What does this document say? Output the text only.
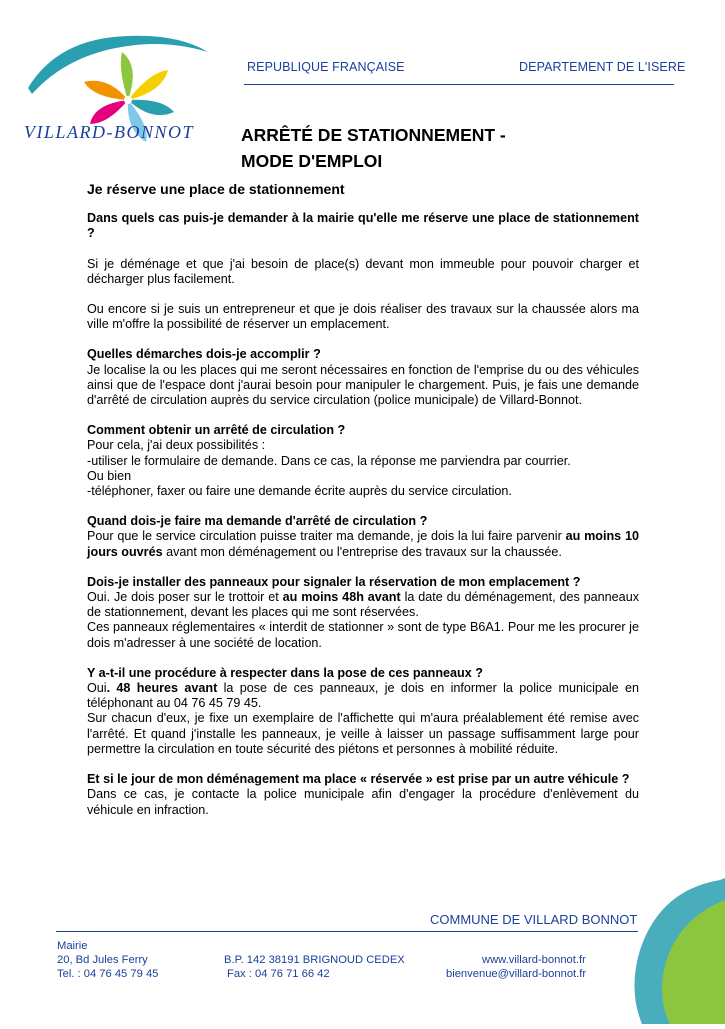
VILLARD-BONNOT
REPUBLIQUE FRANÇAISE	DEPARTEMENT DE L'ISERE
ARRÊTÉ DE STATIONNEMENT -
MODE D'EMPLOI

Je réserve une place de stationnement

Dans quels cas puis-je demander à la mairie qu'elle me réserve une place de stationnement ?

Si je déménage et que j'ai besoin de place(s) devant mon immeuble pour pouvoir charger et décharger plus facilement.

Ou encore si je suis un entrepreneur et que je dois réaliser des travaux sur la chaussée alors ma ville m'offre la possibilité de réserver un emplacement.

Quelles démarches dois-je accomplir ?

Je localise la ou les places qui me seront nécessaires en fonction de l'emprise du ou des véhicules ainsi que de l'espace dont j'aurai besoin pour manipuler le chargement. Puis, je fais une demande d'arrêté de circulation auprès du service circulation (police municipale) de Villard-Bonnot.

Comment obtenir un arrêté de circulation ?

Pour cela, j'ai deux possibilités :

-utiliser le formulaire de demande. Dans ce cas, la réponse me parviendra par courrier.

Ou bien

-téléphoner, faxer ou faire une demande écrite auprès du service circulation.

Quand dois-je faire ma demande d'arrêté de circulation ?

Pour que le service circulation puisse traiter ma demande, je dois la lui faire parvenir au moins 10 jours ouvrés avant mon déménagement ou l'entreprise des travaux sur la chaussée.

Dois-je installer des panneaux pour signaler la réservation de mon emplacement ?

Oui. Je dois poser sur le trottoir et au moins 48h avant la date du déménagement, des panneaux de stationnement, devant les places qui me sont réservées.

Ces panneaux réglementaires « interdit de stationner » sont de type B6A1. Pour me les procurer je dois m'adresser à une société de location.

Y a-t-il une procédure à respecter dans la pose de ces panneaux ?

Oui. 48 heures avant la pose de ces panneaux, je dois en informer la police municipale en téléphonant au 04 76 45 79 45.

Sur chacun d'eux, je fixe un exemplaire de l'affichette qui m'aura préalablement été remise avec l'arrêté. Et quand j'installe les panneaux, je veille à laisser un passage suffisamment large pour permettre la circulation en toute sécurité des piétons et personnes à mobilité réduite.

Et si le jour de mon déménagement ma place « réservée » est prise par un autre véhicule ?

Dans ce cas, je contacte la police municipale afin d'engager la procédure d'enlèvement du véhicule en infraction.

COMMUNE DE VILLARD BONNOT
Mairie
20, Bd Jules Ferry
Tel. : 04 76 45 79 45
B.P. 142 38191 BRIGNOUD CEDEX
Fax : 04 76 71 66 42
www.villard-bonnot.fr
bienvenue@villard-bonnot.fr
